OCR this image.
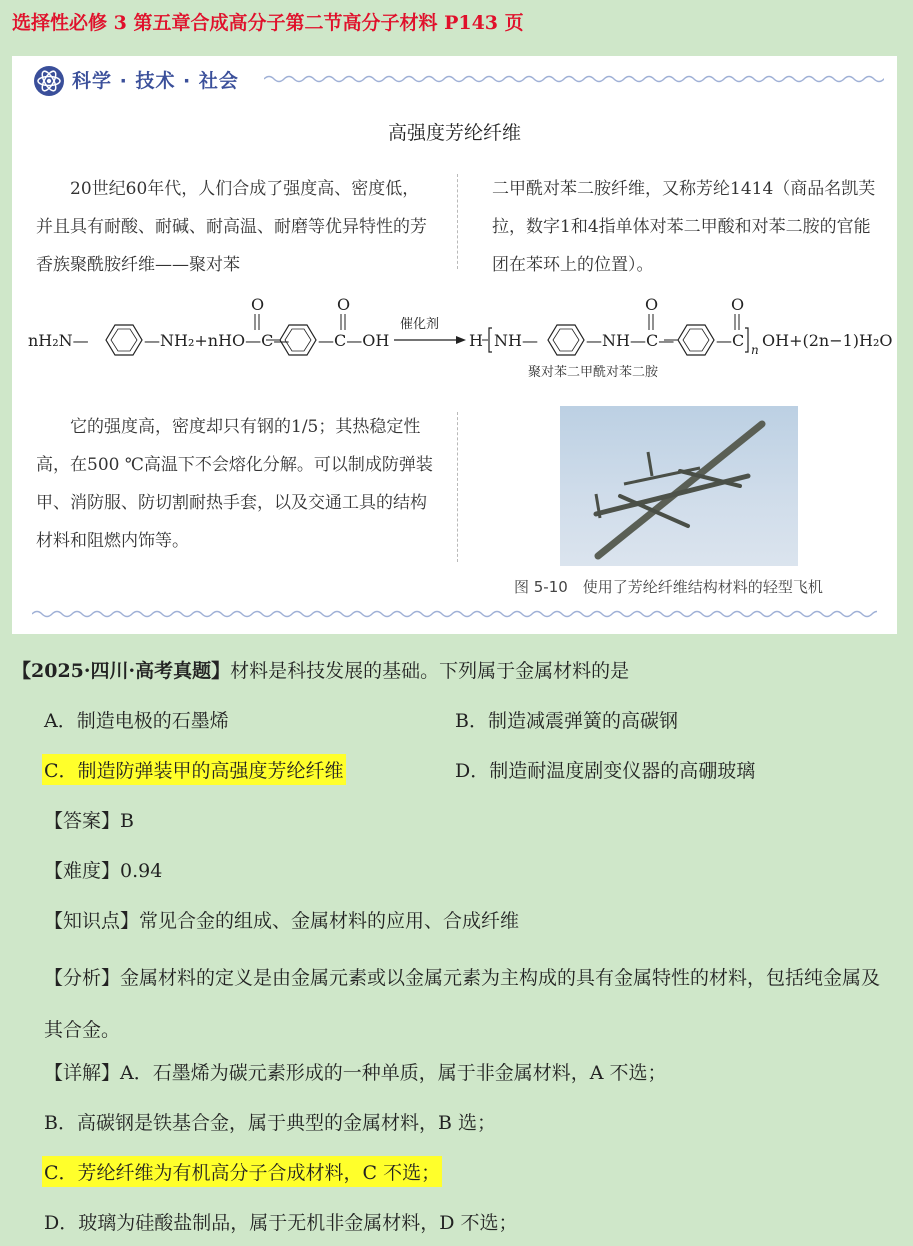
选择性必修 3 第五章合成高分子第二节高分子材料 P143 页
科学 · 技术 · 社会
高强度芳纶纤维
20世纪60年代，人们合成了强度高、密度低，并且具有耐酸、耐碱、耐高温、耐磨等优异特性的芳香族聚酰胺纤维——聚对苯
二甲酰对苯二胺纤维，又称芳纶1414（商品名凯芙拉，数字1和4指单体对苯二甲酸和对苯二胺的官能团在苯环上的位置）。
nH₂N—	—NH₂+nHO—C—
O
—C—OH
O
催化剂
H NH—	—NH—C—
O
—C
O
n OH+(2n−1)H₂O
聚对苯二甲酰对苯二胺
它的强度高，密度却只有钢的1/5；其热稳定性高，在500 ℃高温下不会熔化分解。可以制成防弹装甲、消防服、防切割耐热手套，以及交通工具的结构材料和阻燃内饰等。
图 5-10　使用了芳纶纤维结构材料的轻型飞机
【2025·四川·高考真题】材料是科技发展的基础。下列属于金属材料的是
A．制造电极的石墨烯	B．制造减震弹簧的高碳钢
C．制造防弹装甲的高强度芳纶纤维	D．制造耐温度剧变仪器的高硼玻璃
【答案】B
【难度】0.94
【知识点】常见合金的组成、金属材料的应用、合成纤维
【分析】金属材料的定义是由金属元素或以金属元素为主构成的具有金属特性的材料，包括纯金属及其合金。
【详解】A．石墨烯为碳元素形成的一种单质，属于非金属材料，A 不选；
B．高碳钢是铁基合金，属于典型的金属材料，B 选；
C．芳纶纤维为有机高分子合成材料，C 不选；
D．玻璃为硅酸盐制品，属于无机非金属材料，D 不选；
